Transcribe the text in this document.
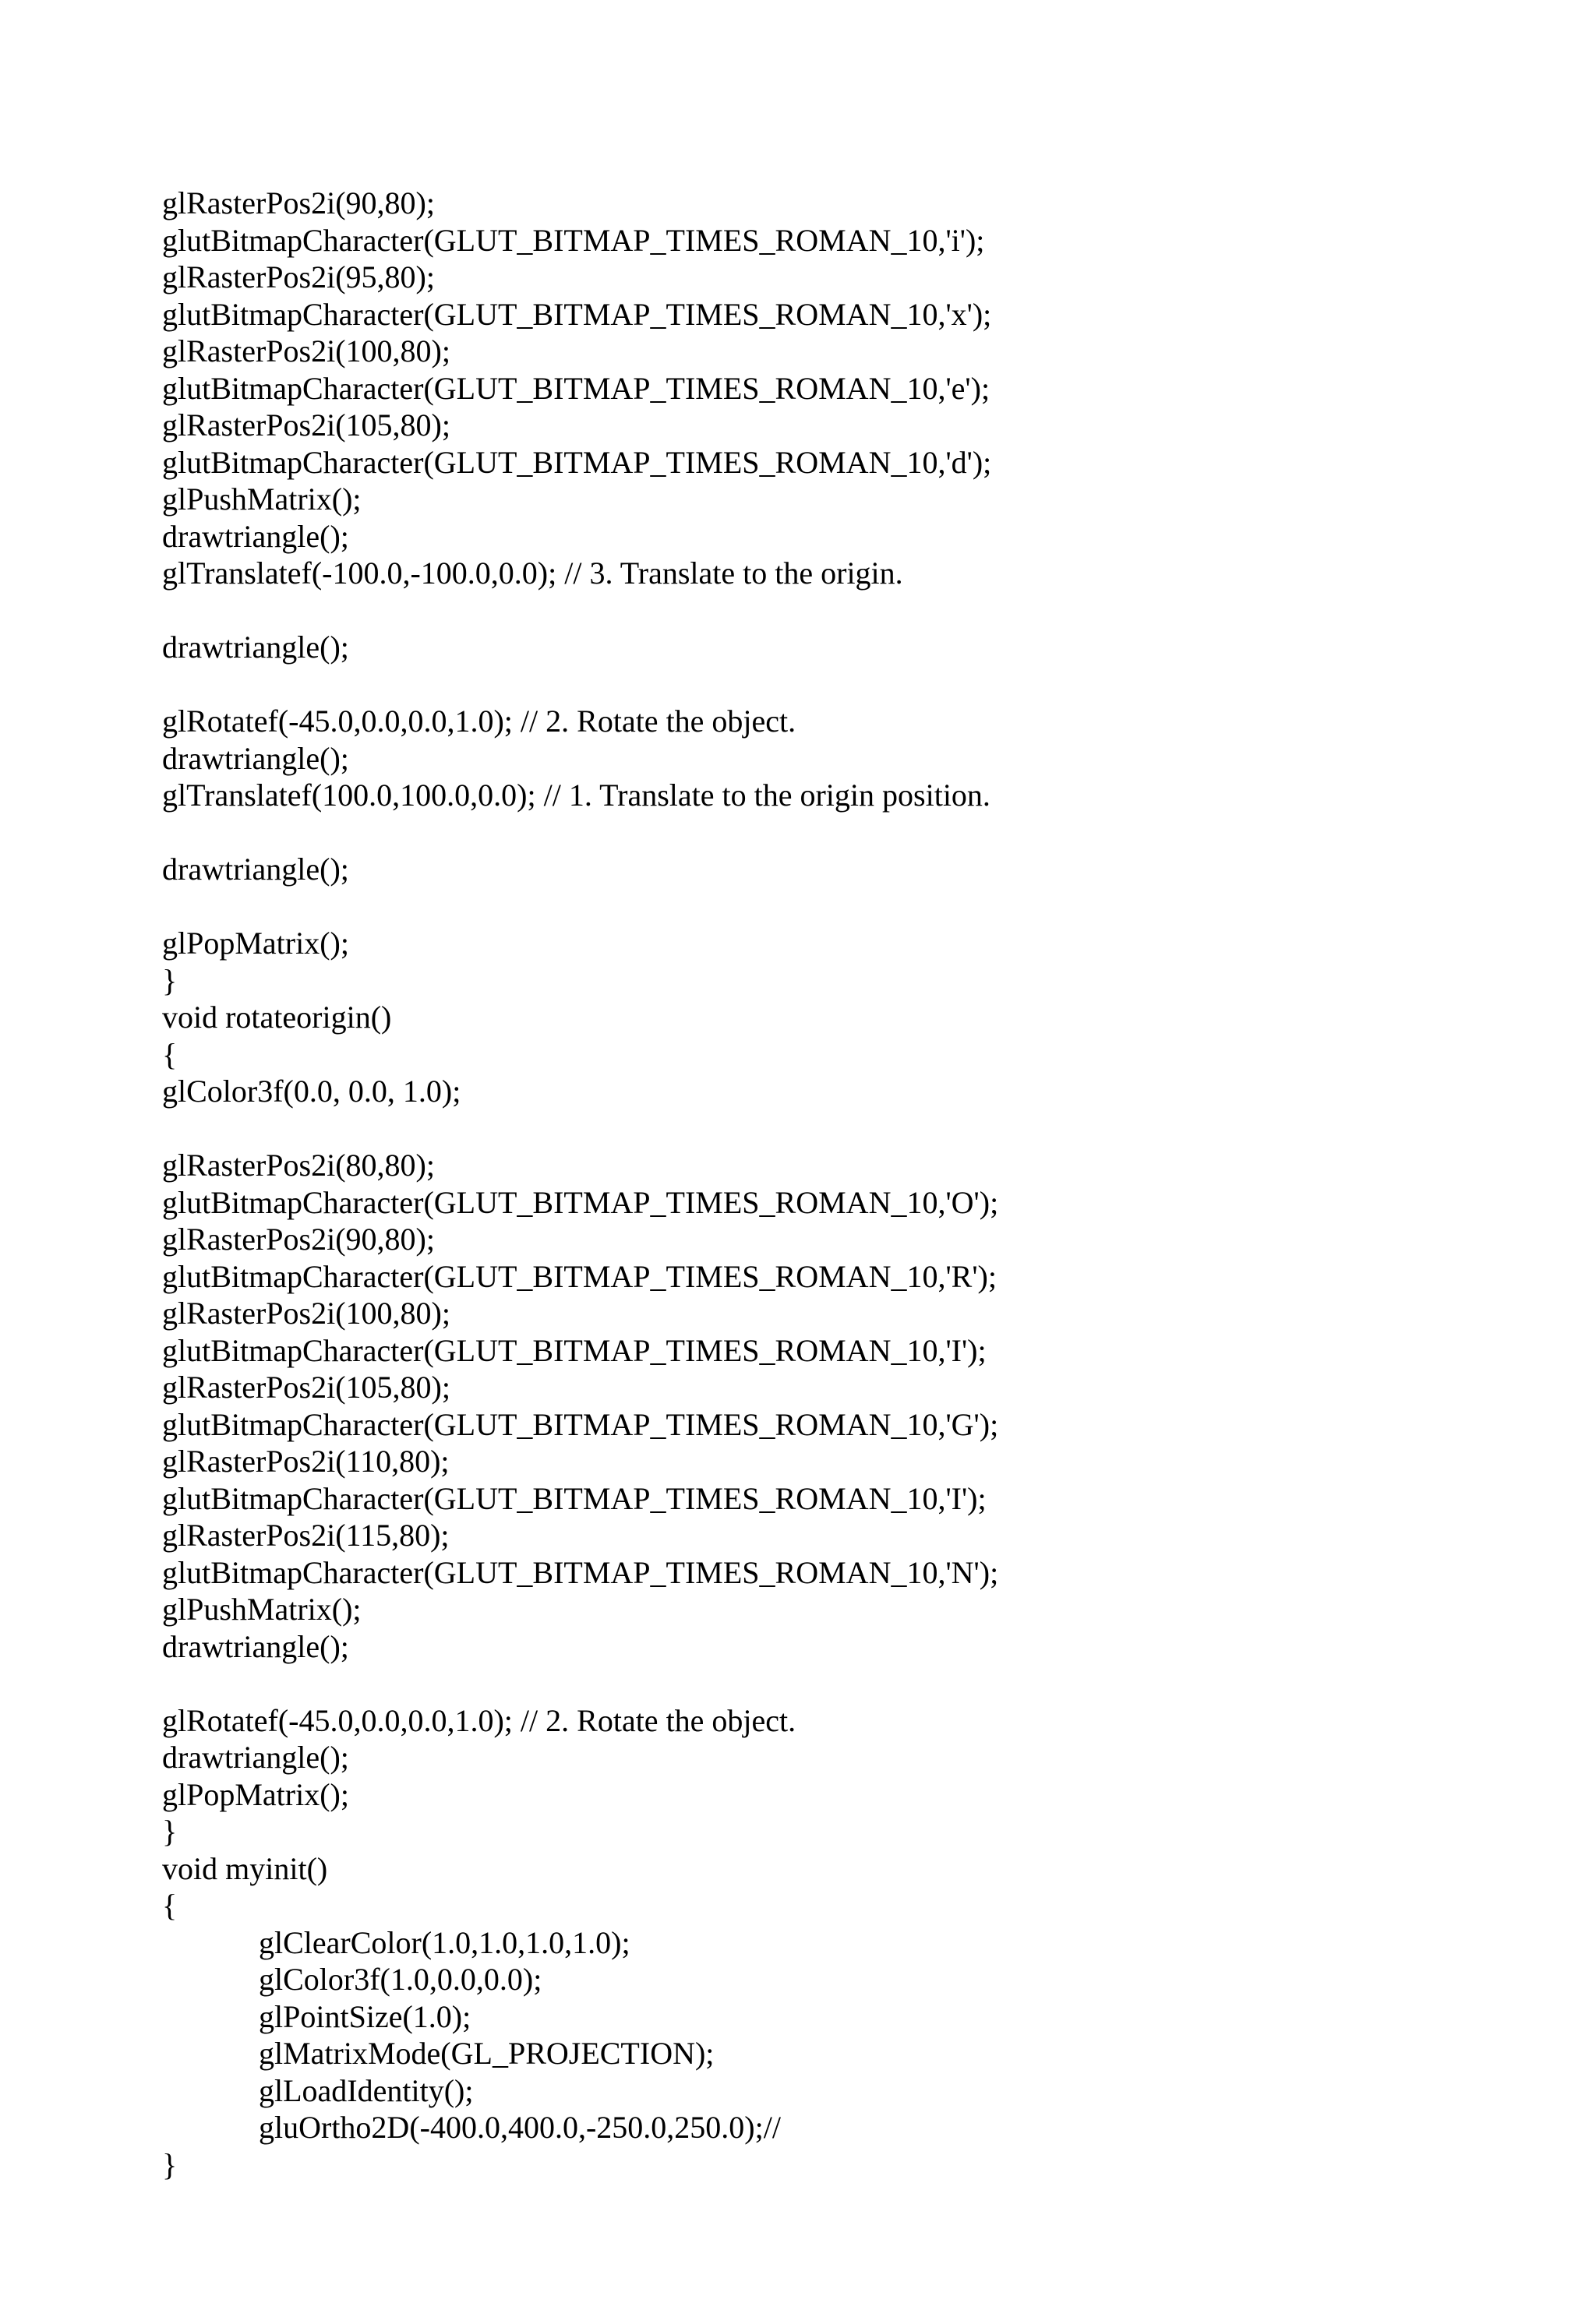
glRasterPos2i(90,80);
glutBitmapCharacter(GLUT_BITMAP_TIMES_ROMAN_10,'i');
glRasterPos2i(95,80);
glutBitmapCharacter(GLUT_BITMAP_TIMES_ROMAN_10,'x');
glRasterPos2i(100,80);
glutBitmapCharacter(GLUT_BITMAP_TIMES_ROMAN_10,'e');
glRasterPos2i(105,80);
glutBitmapCharacter(GLUT_BITMAP_TIMES_ROMAN_10,'d');
glPushMatrix();
drawtriangle();
glTranslatef(-100.0,-100.0,0.0); // 3. Translate to the origin.
drawtriangle();
glRotatef(-45.0,0.0,0.0,1.0); // 2. Rotate the object.
drawtriangle();
glTranslatef(100.0,100.0,0.0); // 1. Translate to the origin position.
drawtriangle();
glPopMatrix();
}
void rotateorigin()
{
glColor3f(0.0, 0.0, 1.0);
glRasterPos2i(80,80);
glutBitmapCharacter(GLUT_BITMAP_TIMES_ROMAN_10,'O');
glRasterPos2i(90,80);
glutBitmapCharacter(GLUT_BITMAP_TIMES_ROMAN_10,'R');
glRasterPos2i(100,80);
glutBitmapCharacter(GLUT_BITMAP_TIMES_ROMAN_10,'I');
glRasterPos2i(105,80);
glutBitmapCharacter(GLUT_BITMAP_TIMES_ROMAN_10,'G');
glRasterPos2i(110,80);
glutBitmapCharacter(GLUT_BITMAP_TIMES_ROMAN_10,'I');
glRasterPos2i(115,80);
glutBitmapCharacter(GLUT_BITMAP_TIMES_ROMAN_10,'N');
glPushMatrix();
drawtriangle();
glRotatef(-45.0,0.0,0.0,1.0); // 2. Rotate the object.
drawtriangle();
glPopMatrix();
}
void myinit()
{
glClearColor(1.0,1.0,1.0,1.0);
glColor3f(1.0,0.0,0.0);
glPointSize(1.0);
glMatrixMode(GL_PROJECTION);
glLoadIdentity();
gluOrtho2D(-400.0,400.0,-250.0,250.0);//
}
